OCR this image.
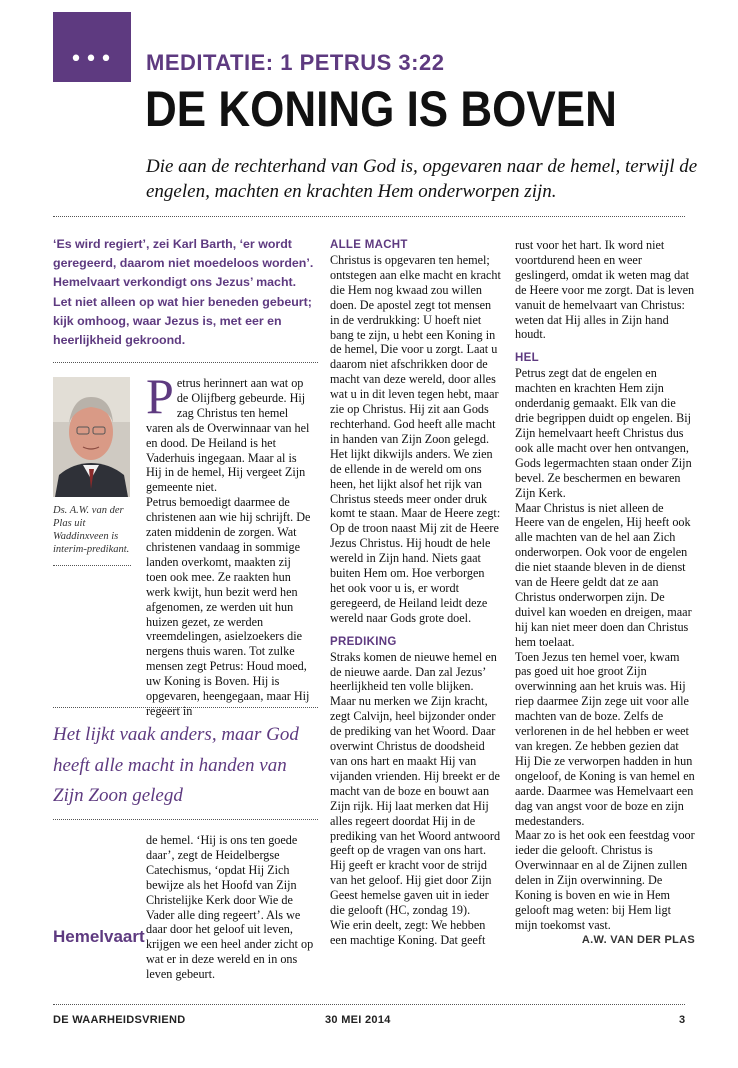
•••	MEDITATIE: 1 PETRUS 3:22
DE KONING IS BOVEN
Die aan de rechterhand van God is, opgevaren naar de hemel, terwijl de engelen, machten en krachten Hem onderworpen zijn.
‘Es wird regiert’, zei Karl Barth, ‘er wordt geregeerd, daarom niet moedeloos worden’. Hemelvaart verkondigt ons Jezus’ macht. Let niet alleen op wat hier beneden gebeurt; kijk omhoog, waar Jezus is, met eer en heerlijkheid gekroond.
Ds. A.W. van der Plas uit Waddinxveen is interim-predikant.
P etrus herinnert aan wat op de Olijfberg gebeurde. Hij zag Christus ten hemel varen als de Overwinnaar van hel en dood. De Heiland is het Vaderhuis ingegaan. Maar al is Hij in de hemel, Hij vergeet Zijn gemeente niet.

Petrus bemoedigt daarmee de christenen aan wie hij schrijft. De zaten middenin de zorgen. Wat christenen vandaag in sommige landen overkomt, maakten zij toen ook mee. Ze raakten hun werk kwijt, hun bezit werd hen afgenomen, ze werden uit hun huizen gezet, ze werden vreemdelingen, asielzoekers die nergens thuis waren. Tot zulke mensen zegt Petrus: Houd moed, uw Koning is Boven. Hij is opgevaren, heengegaan, maar Hij regeert in

Het lijkt vaak anders, maar God heeft alle macht in handen van Zijn Zoon gelegd

de hemel. ‘Hij is ons ten goede daar’, zegt de Heidelbergse Catechismus, ‘opdat Hij Zich bewijze als het Hoofd van Zijn Christelijke Kerk door Wie de Vader alle ding regeert’. Als we daar door het geloof uit leven, krijgen we een heel ander zicht op wat er in deze wereld en in ons leven gebeurt.

Hemelvaart
ALLE MACHT

Christus is opgevaren ten hemel; ontstegen aan elke macht en kracht die Hem nog kwaad zou willen doen. De apostel zegt tot mensen in de verdrukking: U hoeft niet bang te zijn, u hebt een Koning in de hemel, Die voor u zorgt. Laat u daarom niet afschrikken door de macht van deze wereld, door alles wat u in dit leven tegen hebt, maar zie op Christus. Hij zit aan Gods rechterhand. God heeft alle macht in handen van Zijn Zoon gelegd. Het lijkt dikwijls anders. We zien de ellende in de wereld om ons heen, het lijkt alsof het rijk van Christus steeds meer onder druk komt te staan. Maar de Heere zegt: Op de troon naast Mij zit de Heere Jezus Christus. Hij houdt de hele wereld in Zijn hand. Niets gaat buiten Hem om. Hoe verborgen het ook voor u is, er wordt geregeerd, de Heiland leidt deze wereld naar Gods grote doel.

PREDIKING

Straks komen de nieuwe hemel en de nieuwe aarde. Dan zal Jezus’ heerlijkheid ten volle blijken. Maar nu merken we Zijn kracht, zegt Calvijn, heel bijzonder onder de prediking van het Woord. Daar overwint Christus de doodsheid van ons hart en maakt Hij van vijanden vrienden. Hij breekt er de macht van de boze en bouwt aan Zijn rijk. Hij laat merken dat Hij alles regeert doordat Hij in de prediking van het Woord antwoord geeft op de vragen van ons hart. Hij geeft er kracht voor de strijd van het geloof. Hij giet door Zijn Geest hemelse gaven uit in ieder die gelooft (HC, zondag 19).

Wie erin deelt, zegt: We hebben een machtige Koning. Dat geeft

rust voor het hart. Ik word niet voortdurend heen en weer geslingerd, omdat ik weten mag dat de Heere voor me zorgt. Dat is leven vanuit de hemelvaart van Christus: weten dat Hij alles in Zijn hand houdt.

HEL

Petrus zegt dat de engelen en machten en krachten Hem zijn onderdanig gemaakt. Elk van die drie begrippen duidt op engelen. Bij Zijn hemelvaart heeft Christus dus ook alle macht over hen ontvangen, Gods legermachten staan onder Zijn bevel. Ze beschermen en bewaren Zijn Kerk.

Maar Christus is niet alleen de Heere van de engelen, Hij heeft ook alle machten van de hel aan Zich onderworpen. Ook voor de engelen die niet staande bleven in de dienst van de Heere geldt dat ze aan Christus onderworpen zijn. De duivel kan woeden en dreigen, maar hij kan niet meer doen dan Christus hem toelaat.

Toen Jezus ten hemel voer, kwam pas goed uit hoe groot Zijn overwinning aan het kruis was. Hij riep daarmee Zijn zege uit voor alle machten van de boze. Zelfs de verlorenen in de hel hebben er weet van kregen. Ze hebben gezien dat Hij Die ze verworpen hadden in hun ongeloof, de Koning is van hemel en aarde. Daarmee was Hemelvaart een dag van angst voor de boze en zijn medestanders.

Maar zo is het ook een feestdag voor ieder die gelooft. Christus is Overwinnaar en al de Zijnen zullen delen in Zijn overwinning. De Koning is boven en wie in Hem gelooft mag weten: bij Hem ligt mijn toekomst vast.

A.W. VAN DER PLAS
DE WAARHEIDSVRIEND	30 MEI 2014	3
